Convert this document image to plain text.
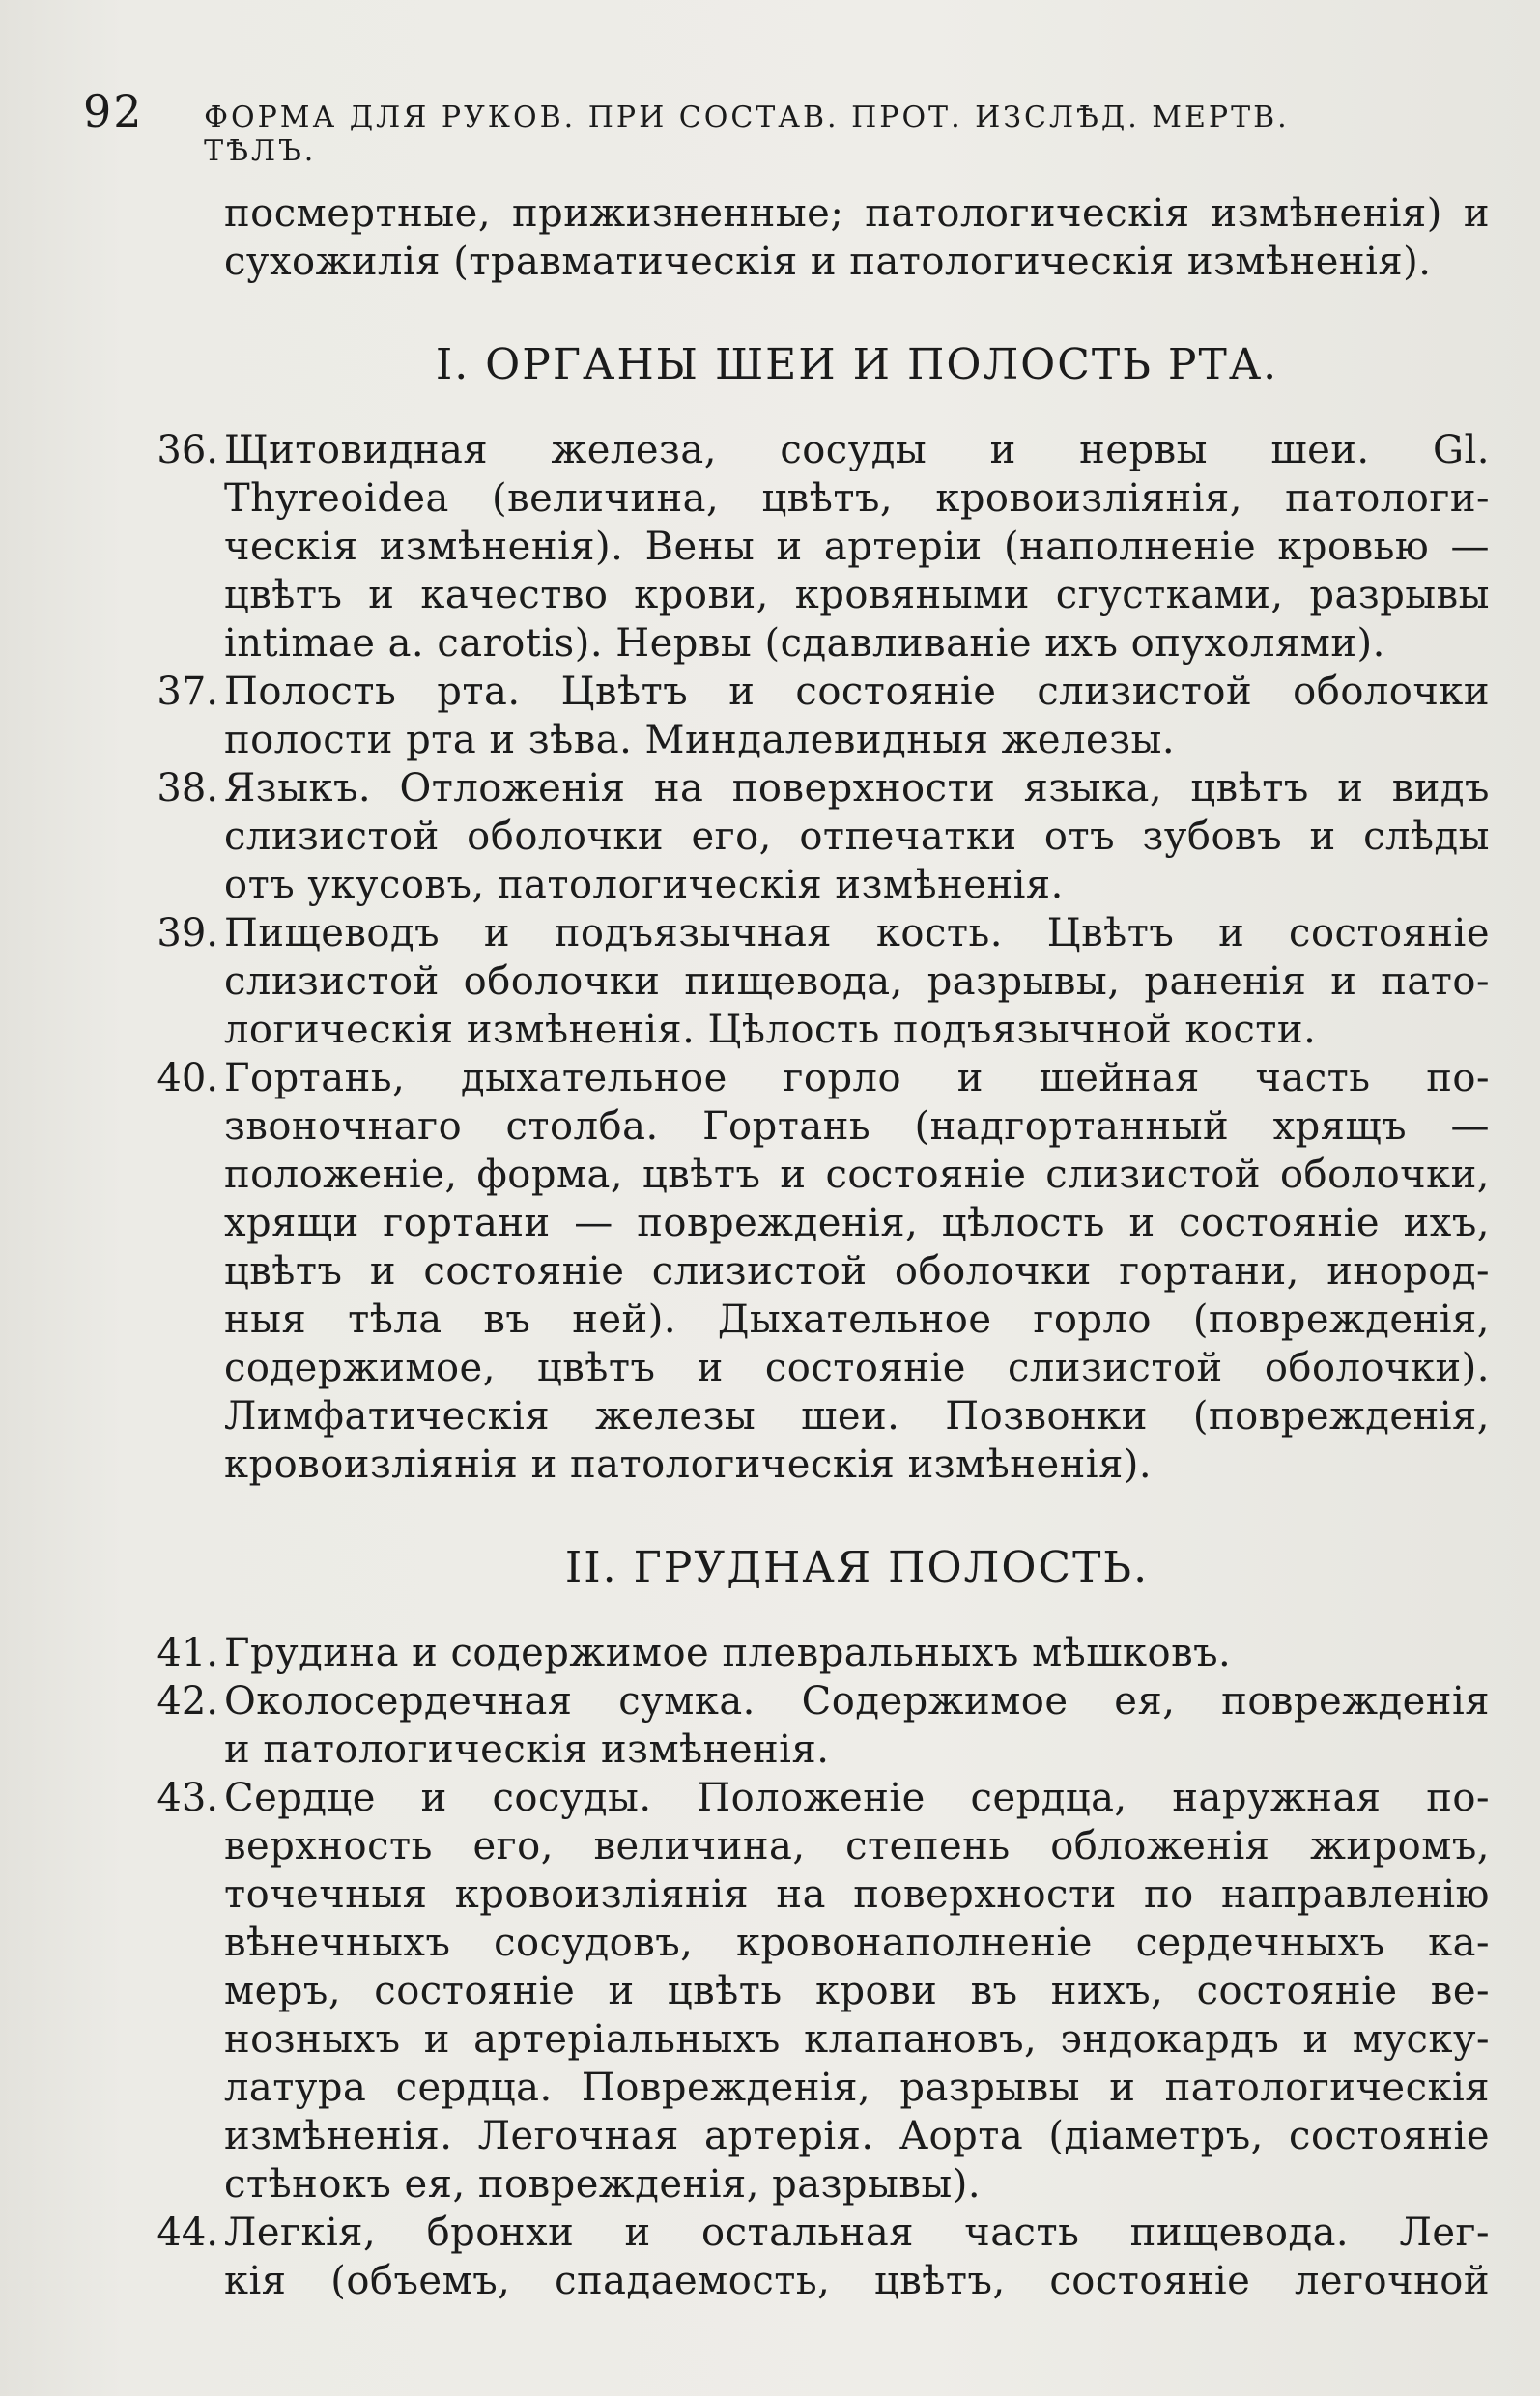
92	ФОРМА ДЛЯ РУКОВ. ПРИ СОСТАВ. ПРОТ. ИЗСЛѢД. МЕРТВ. ТѢЛЪ.
посмертные, прижизненные; патологическія измѣненія) и
сухожилія (травматическія и патологическія измѣненія).
I. ОРГАНЫ ШЕИ И ПОЛОСТЬ РТА.
36. Щитовидная железа, сосуды и нервы шеи. Gl.
Thyreoidea (величина, цвѣтъ, кровоизліянія, патологи-
ческія измѣненія). Вены и артеріи (наполненіе кровью —
цвѣтъ и качество крови, кровяными сгустками, разрывы
intimae a. carotis). Нервы (сдавливаніе ихъ опухолями).
37. Полость рта. Цвѣтъ и состояніе слизистой оболочки
полости рта и зѣва. Миндалевидныя железы.
38. Языкъ. Отложенія на поверхности языка, цвѣтъ и видъ
слизистой оболочки его, отпечатки отъ зубовъ и слѣды
отъ укусовъ, патологическія измѣненія.
39. Пищеводъ и подъязычная кость. Цвѣтъ и состояніе
слизистой оболочки пищевода, разрывы, раненія и пато-
логическія измѣненія. Цѣлость подъязычной кости.
40. Гортань, дыхательное горло и шейная часть по-
звоночнаго столба. Гортань (надгортанный хрящъ —
положеніе, форма, цвѣтъ и состояніе слизистой оболочки,
хрящи гортани — поврежденія, цѣлость и состояніе ихъ,
цвѣтъ и состояніе слизистой оболочки гортани, инород-
ныя тѣла въ ней). Дыхательное горло (поврежденія,
содержимое, цвѣтъ и состояніе слизистой оболочки).
Лимфатическія железы шеи. Позвонки (поврежденія,
кровоизліянія и патологическія измѣненія).
II. ГРУДНАЯ ПОЛОСТЬ.
41. Грудина и содержимое плевральныхъ мѣшковъ.
42. Околосердечная сумка. Содержимое ея, поврежденія
и патологическія измѣненія.
43. Сердце и сосуды. Положеніе сердца, наружная по-
верхность его, величина, степень обложенія жиромъ,
точечныя кровоизліянія на поверхности по направленію
вѣнечныхъ сосудовъ, кровонаполненіе сердечныхъ ка-
меръ, состояніе и цвѣть крови въ нихъ, состояніе ве-
нозныхъ и артеріальныхъ клапановъ, эндокардъ и муску-
латура сердца. Поврежденія, разрывы и патологическія
измѣненія. Легочная артерія. Аорта (діаметръ, состояніе
стѣнокъ ея, поврежденія, разрывы).
44. Легкія, бронхи и остальная часть пищевода. Лег-
кія (объемъ, спадаемость, цвѣтъ, состояніе легочной
